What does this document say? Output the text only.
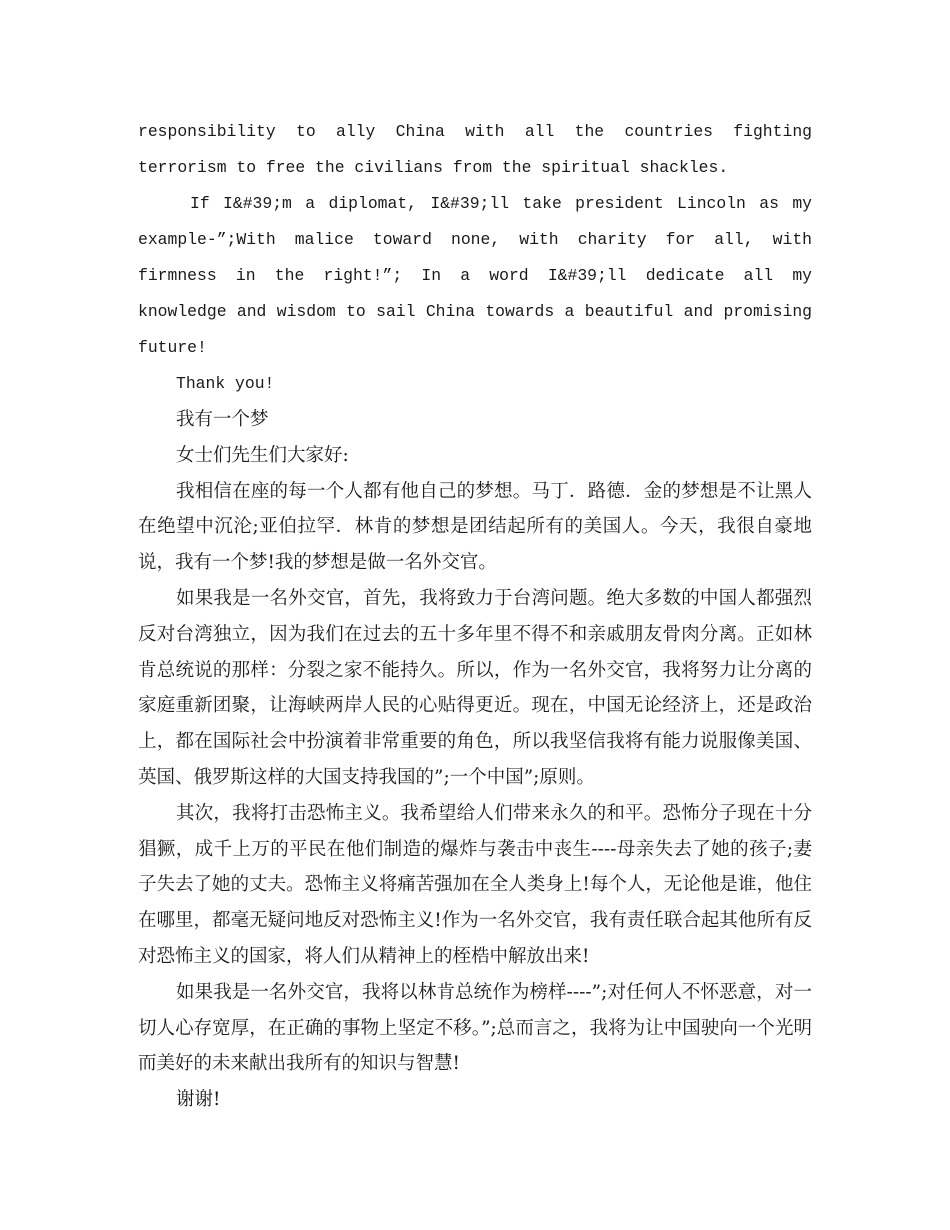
responsibility to ally China with all the countries fighting terrorism to free the civilians from the spiritual shackles.

If I&#39;m a diplomat, I&#39;ll take president Lincoln as my example-”;With malice toward none, with charity for all, with firmness in the right!”; In a word I&#39;ll dedicate all my knowledge and wisdom to sail China towards a beautiful and promising future!

Thank you!

我有一个梦

女士们先生们大家好:

我相信在座的每一个人都有他自己的梦想。马丁．路德．金的梦想是不让黑人在绝望中沉沦;亚伯拉罕．林肯的梦想是团结起所有的美国人。今天，我很自豪地说，我有一个梦!我的梦想是做一名外交官。

如果我是一名外交官，首先，我将致力于台湾问题。绝大多数的中国人都强烈反对台湾独立，因为我们在过去的五十多年里不得不和亲戚朋友骨肉分离。正如林肯总统说的那样：分裂之家不能持久。所以，作为一名外交官，我将努力让分离的家庭重新团聚，让海峡两岸人民的心贴得更近。现在，中国无论经济上，还是政治上，都在国际社会中扮演着非常重要的角色，所以我坚信我将有能力说服像美国、英国、俄罗斯这样的大国支持我国的”;一个中国”;原则。

其次，我将打击恐怖主义。我希望给人们带来永久的和平。恐怖分子现在十分猖獗，成千上万的平民在他们制造的爆炸与袭击中丧生----母亲失去了她的孩子;妻子失去了她的丈夫。恐怖主义将痛苦强加在全人类身上!每个人，无论他是谁，他住在哪里，都毫无疑问地反对恐怖主义!作为一名外交官，我有责任联合起其他所有反对恐怖主义的国家，将人们从精神上的桎梏中解放出来!

如果我是一名外交官，我将以林肯总统作为榜样----”;对任何人不怀恶意，对一切人心存宽厚，在正确的事物上坚定不移。”;总而言之，我将为让中国驶向一个光明而美好的未来献出我所有的知识与智慧!

谢谢!
